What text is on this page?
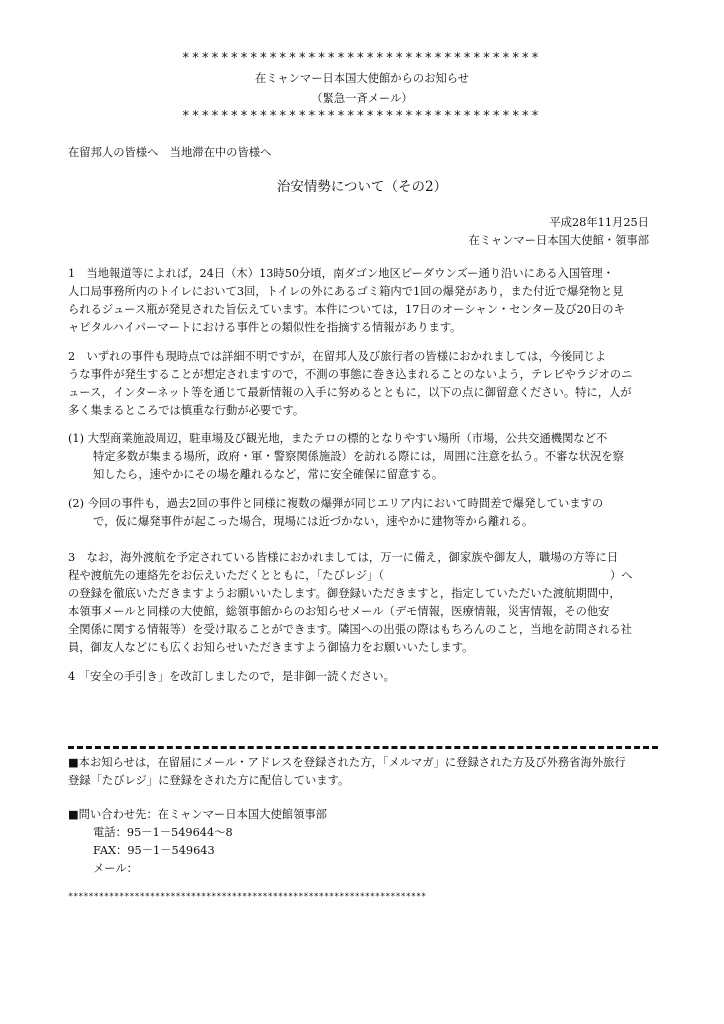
*************************************
在ミャンマー日本国大使館からのお知らせ
（緊急一斉メール）
*************************************
在留邦人の皆様へ　当地滞在中の皆様へ
治安情勢について（その2）
平成28年11月25日
在ミャンマー日本国大使館・領事部
1　当地報道等によれば，24日（木）13時50分頃，南ダゴン地区ピーダウンズー通り沿いにある入国管理・
人口局事務所内のトイレにおいて3回，トイレの外にあるゴミ箱内で1回の爆発があり，また付近で爆発物と見
られるジュース瓶が発見された旨伝えています。本件については，17日のオーシャン・センター及び20日のキ
ャピタルハイパーマートにおける事件との類似性を指摘する情報があります。
2　いずれの事件も現時点では詳細不明ですが，在留邦人及び旅行者の皆様におかれましては，今後同じよ
うな事件が発生することが想定されますので，不測の事態に巻き込まれることのないよう，テレビやラジオのニ
ュース，インターネット等を通じて最新情報の入手に努めるとともに，以下の点に御留意ください。特に，人が
多く集まるところでは慎重な行動が必要です。
(1) 大型商業施設周辺，駐車場及び観光地，またテロの標的となりやすい場所（市場，公共交通機関など不
特定多数が集まる場所，政府・軍・警察関係施設）を訪れる際には，周囲に注意を払う。不審な状況を察
知したら，速やかにその場を離れるなど，常に安全確保に留意する。
(2) 今回の事件も，過去2回の事件と同様に複数の爆弾が同じエリア内において時間差で爆発していますの
で，仮に爆発事件が起こった場合，現場には近づかない，速やかに建物等から離れる。
3　なお，海外渡航を予定されている皆様におかれましては，万一に備え，御家族や御友人，職場の方等に日
程や渡航先の連絡先をお伝えいただくとともに，「たびレジ」（　　　　　　　　　　　　　　　　　　　　）へ
の登録を徹底いただきますようお願いいたします。御登録いただきますと，指定していただいた渡航期間中，
本領事メールと同様の大使館，総領事館からのお知らせメール（デモ情報，医療情報，災害情報，その他安
全関係に関する情報等）を受け取ることができます。隣国への出張の際はもちろんのこと，当地を訪問される社
員，御友人などにも広くお知らせいただきますよう御協力をお願いいたします。
4 「安全の手引き」を改訂しましたので，是非御一読ください。
■本お知らせは，在留届にメール・アドレスを登録された方，「メルマガ」に登録された方及び外務省海外旅行
登録「たびレジ」に登録をされた方に配信しています。
■問い合わせ先：在ミャンマー日本国大使館領事部
電話：95－1－549644～8
FAX：95－1－549643
メール：
**********************************************************************
